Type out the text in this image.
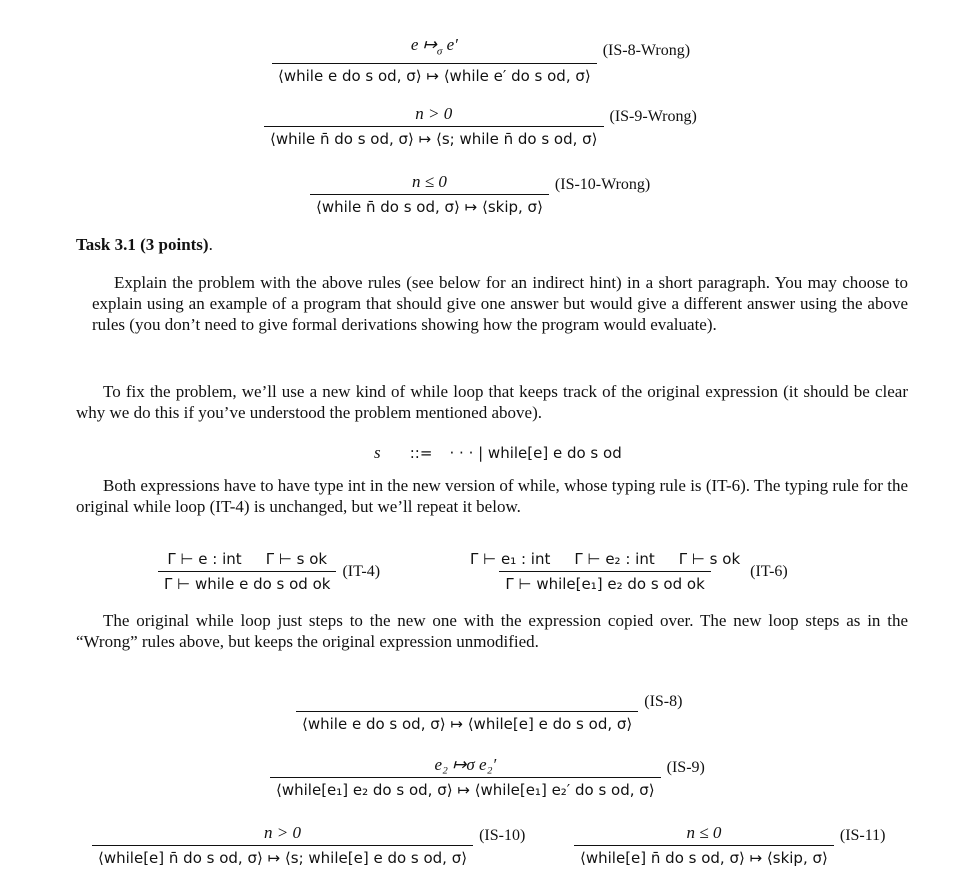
$\frac{e ↦_\sigma e'}{\text{⟨while e do s od, σ⟩ ↦ ⟨while e′ do s od, σ⟩}}$ (IS-8-Wrong)
$\frac{n > 0}{\text{⟨while n̄ do s od, σ⟩ ↦ ⟨s; while n̄ do s od, σ⟩}}$ (IS-9-Wrong)
$\frac{n \le 0}{\text{⟨while n̄ do s od, σ⟩ ↦ ⟨skip, σ⟩}}$ (IS-10-Wrong)
Task 3.1 (3 points).
Explain the problem with the above rules (see below for an indirect hint) in a short paragraph. You may choose to explain using an example of a program that should give one answer but would give a different answer using the above rules (you don’t need to give formal derivations showing how the program would evaluate).
To fix the problem, we’ll use a new kind of while loop that keeps track of the original expression (it should be clear why we do this if you’ve understood the problem mentioned above).
s ::= · · · | while[e] e do s od
Both expressions have to have type int in the new version of while, whose typing rule is (IT-6). The typing rule for the original while loop (IT-4) is unchanged, but we’ll repeat it below.
$\frac{\text{Γ ⊢ e : int Γ ⊢ s ok}}{\text{Γ ⊢ while e do s od ok}} (IT-4)$	$\frac{\text{Γ ⊢ e₁ : int Γ ⊢ e₂ : int Γ ⊢ s ok}}{\text{Γ ⊢ while[e₁] e₂ do s od ok}} (IT-6)$
The original while loop just steps to the new one with the expression copied over. The new loop steps as in the “Wrong” rules above, but keeps the original expression unmodified.
⟨while e do s od, σ⟩ ↦ ⟨while[e] e do s od, σ⟩
(IS-8)
$\frac{\text{e₂ ↦σ e₂′}}{\text{⟨while[e₁] e₂ do s od, σ⟩ ↦ ⟨while[e₁] e₂′ do s od, σ⟩}} (IS-9)$
$\frac{n > 0}{\text{⟨while[e] n̄ do s od, σ⟩ ↦ ⟨s; while[e] e do s od, σ⟩}} (IS-10)$	$\frac{n \le 0}{\text{⟨while[e] n̄ do s od, σ⟩ ↦ ⟨skip, σ⟩}} (IS-11)$
